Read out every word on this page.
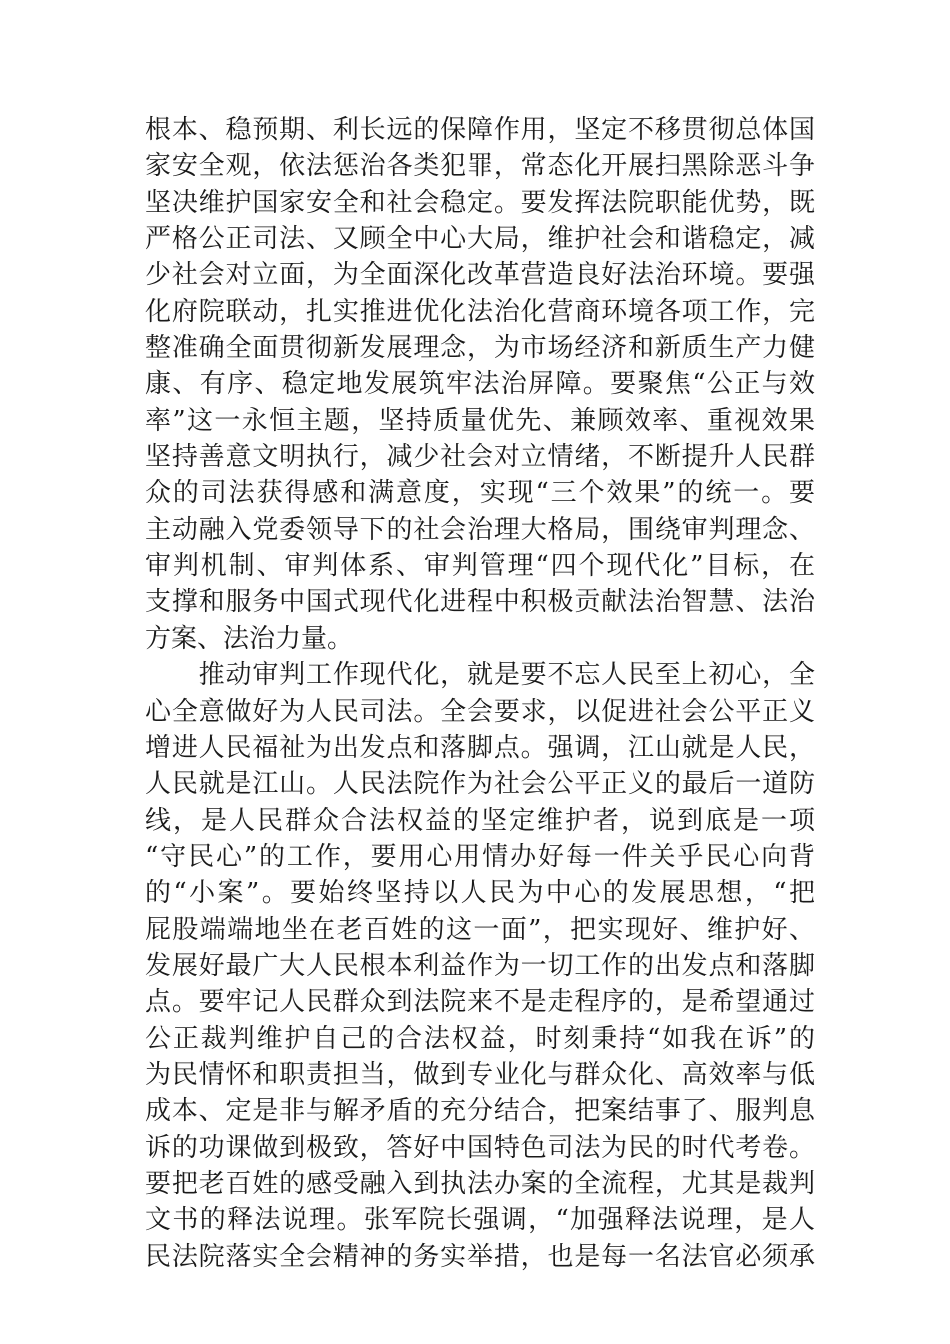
根本、稳预期、利长远的保障作用，坚定不移贯彻总体国
家安全观，依法惩治各类犯罪，常态化开展扫黑除恶斗争
坚决维护国家安全和社会稳定。要发挥法院职能优势，既
严格公正司法、又顾全中心大局，维护社会和谐稳定，减
少社会对立面，为全面深化改革营造良好法治环境。要强
化府院联动，扎实推进优化法治化营商环境各项工作，完
整准确全面贯彻新发展理念，为市场经济和新质生产力健
康、有序、稳定地发展筑牢法治屏障。要聚焦“公正与效
率”这一永恒主题，坚持质量优先、兼顾效率、重视效果
坚持善意文明执行，减少社会对立情绪，不断提升人民群
众的司法获得感和满意度，实现“三个效果”的统一。要
主动融入党委领导下的社会治理大格局，围绕审判理念、
审判机制、审判体系、审判管理“四个现代化”目标，在
支撑和服务中国式现代化进程中积极贡献法治智慧、法治
方案、法治力量。
　　推动审判工作现代化，就是要不忘人民至上初心，全
心全意做好为人民司法。全会要求，以促进社会公平正义
增进人民福祉为出发点和落脚点。强调，江山就是人民，
人民就是江山。人民法院作为社会公平正义的最后一道防
线，是人民群众合法权益的坚定维护者，说到底是一项
“守民心”的工作，要用心用情办好每一件关乎民心向背
的“小案”。要始终坚持以人民为中心的发展思想，“把
屁股端端地坐在老百姓的这一面”，把实现好、维护好、
发展好最广大人民根本利益作为一切工作的出发点和落脚
点。要牢记人民群众到法院来不是走程序的，是希望通过
公正裁判维护自己的合法权益，时刻秉持“如我在诉”的
为民情怀和职责担当，做到专业化与群众化、高效率与低
成本、定是非与解矛盾的充分结合，把案结事了、服判息
诉的功课做到极致，答好中国特色司法为民的时代考卷。
要把老百姓的感受融入到执法办案的全流程，尤其是裁判
文书的释法说理。张军院长强调，“加强释法说理，是人
民法院落实全会精神的务实举措，也是每一名法官必须承
